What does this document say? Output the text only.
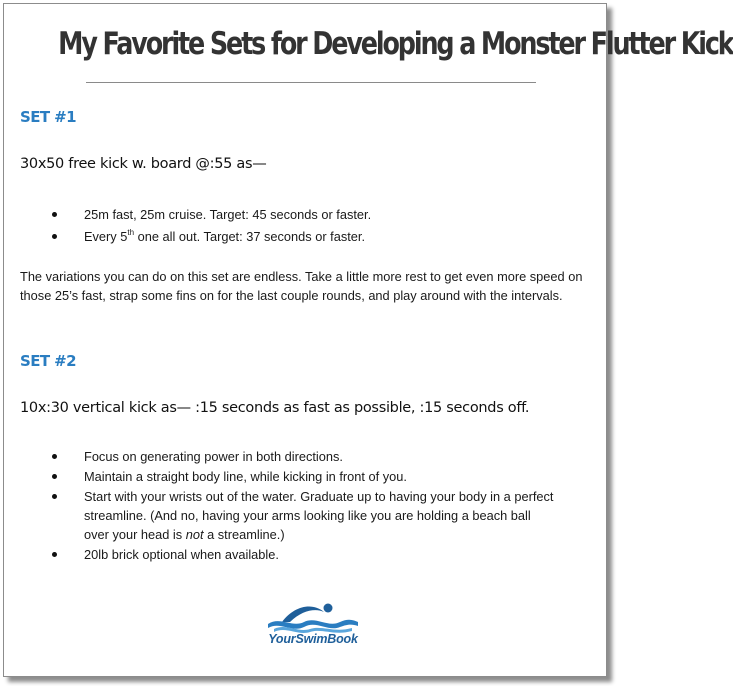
My Favorite Sets for Developing a Monster Flutter Kick
SET #1
30x50 free kick w. board @:55 as—
25m fast, 25m cruise. Target: 45 seconds or faster.
Every 5th one all out. Target: 37 seconds or faster.
The variations you can do on this set are endless. Take a little more rest to get even more speed on those 25’s fast, strap some fins on for the last couple rounds, and play around with the intervals.
SET #2
10x:30 vertical kick as— :15 seconds as fast as possible, :15 seconds off.
Focus on generating power in both directions.
Maintain a straight body line, while kicking in front of you.
Start with your wrists out of the water. Graduate up to having your body in a perfect streamline. (And no, having your arms looking like you are holding a beach ball over your head is not a streamline.)
20lb brick optional when available.
YourSwimBook
